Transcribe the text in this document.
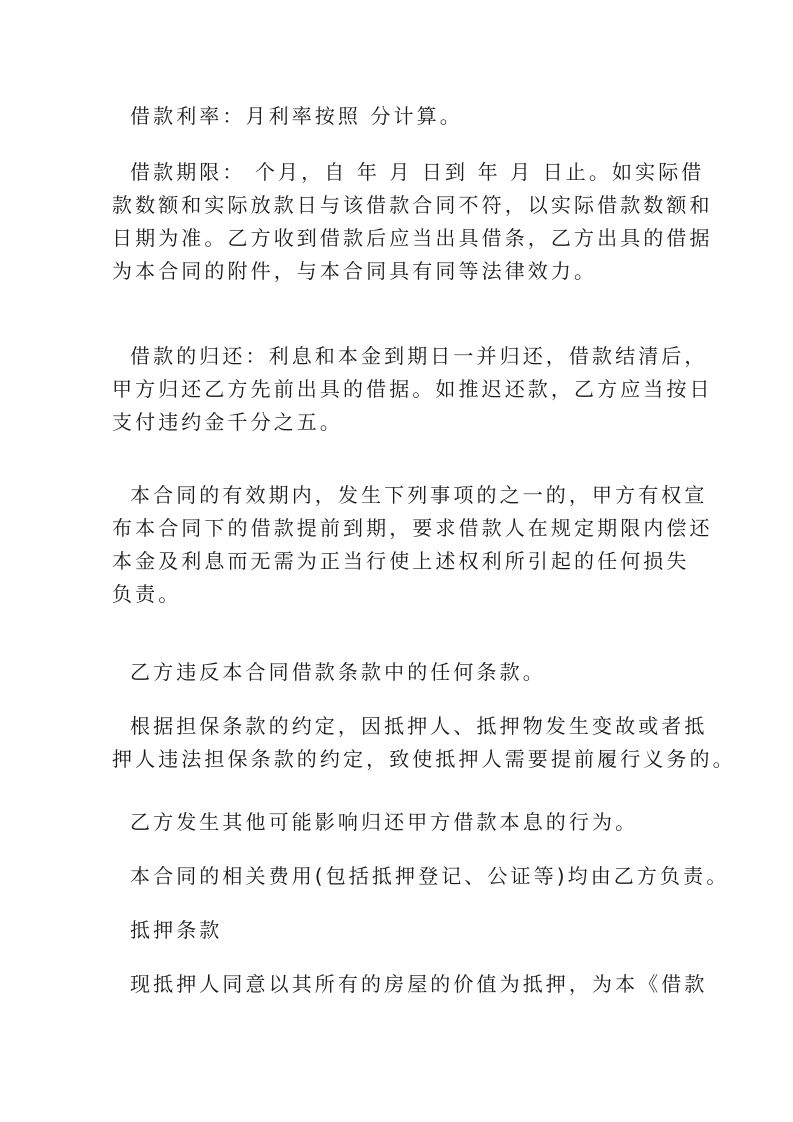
借款利率：月利率按照 分计算。

借款期限： 个月，自 年 月 日到 年 月 日止。如实际借
款数额和实际放款日与该借款合同不符，以实际借款数额和
日期为准。乙方收到借款后应当出具借条，乙方出具的借据
为本合同的附件，与本合同具有同等法律效力。

借款的归还：利息和本金到期日一并归还，借款结清后，
甲方归还乙方先前出具的借据。如推迟还款，乙方应当按日
支付违约金千分之五。

本合同的有效期内，发生下列事项的之一的，甲方有权宣
布本合同下的借款提前到期，要求借款人在规定期限内偿还
本金及利息而无需为正当行使上述权利所引起的任何损失
负责。

乙方违反本合同借款条款中的任何条款。

根据担保条款的约定，因抵押人、抵押物发生变故或者抵
押人违法担保条款的约定，致使抵押人需要提前履行义务的。

乙方发生其他可能影响归还甲方借款本息的行为。

本合同的相关费用(包括抵押登记、公证等)均由乙方负责。

抵押条款

现抵押人同意以其所有的房屋的价值为抵押，为本《借款
